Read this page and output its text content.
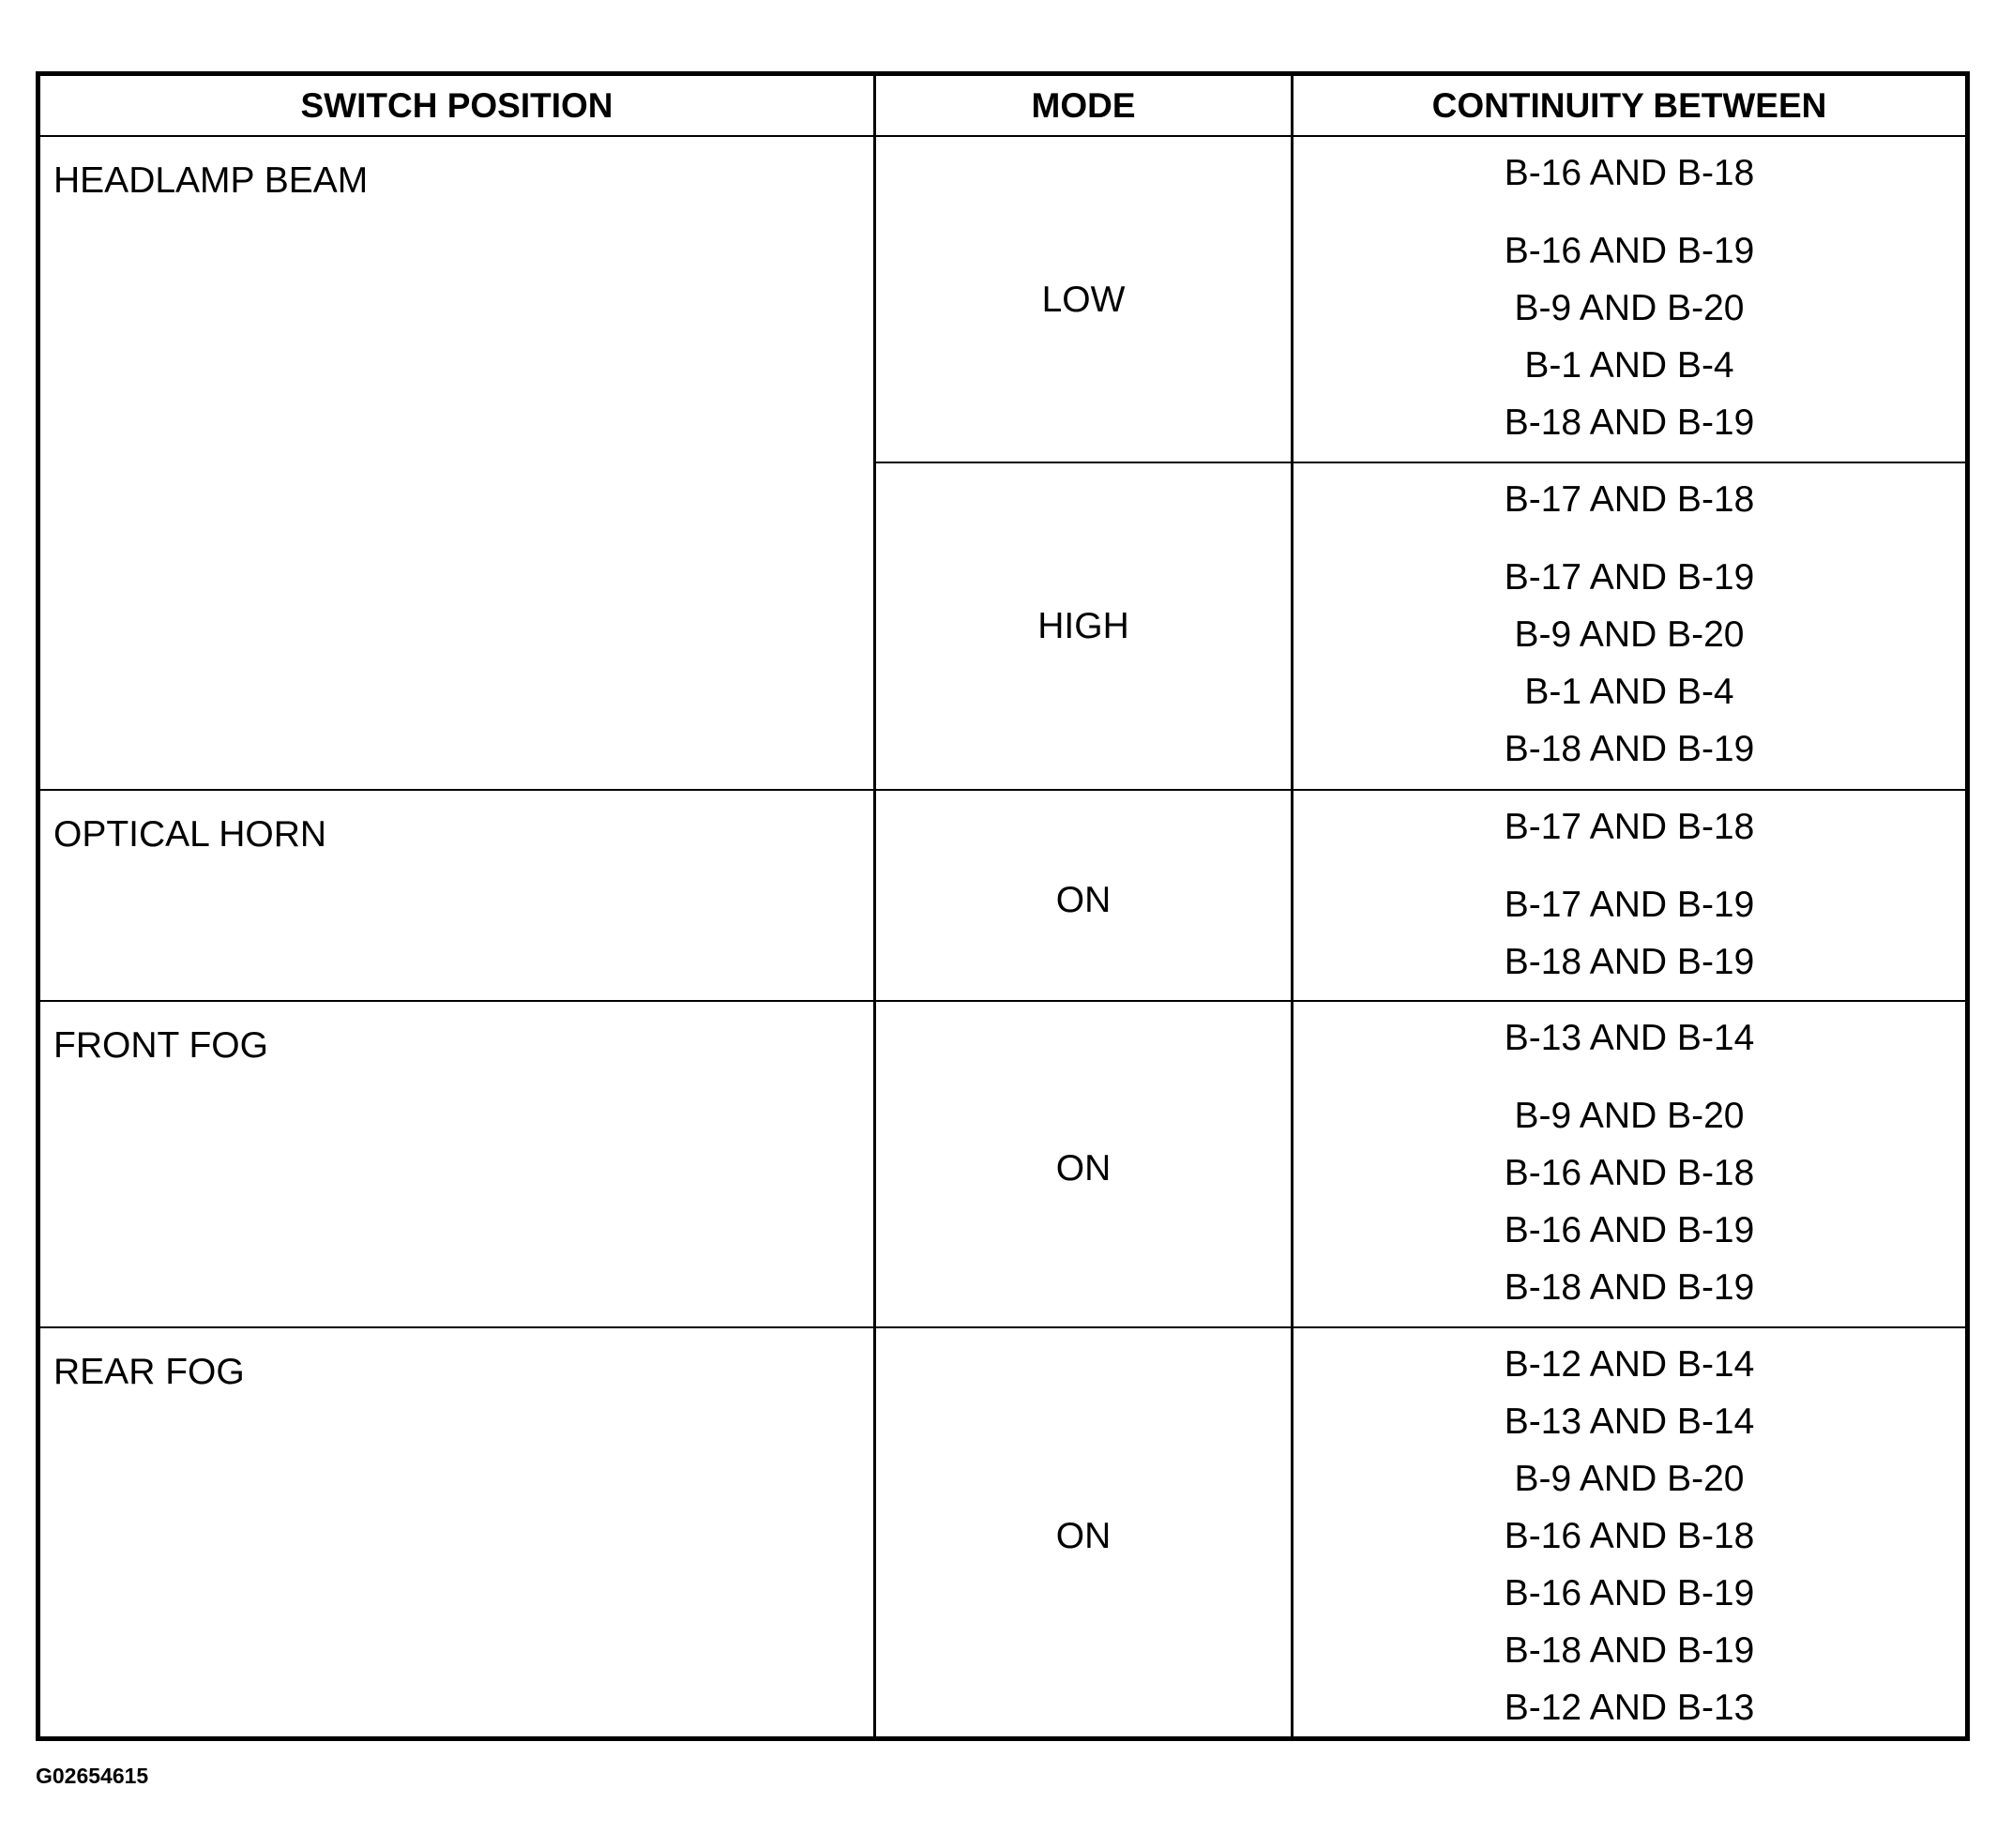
SWITCH POSITION	MODE	CONTINUITY BETWEEN
HEADLAMP BEAM
LOW
B-16 AND B-18
B-16 AND B-19
B-9 AND B-20
B-1 AND B-4
B-18 AND B-19
HIGH
B-17 AND B-18
B-17 AND B-19
B-9 AND B-20
B-1 AND B-4
B-18 AND B-19
OPTICAL HORN
ON
B-17 AND B-18
B-17 AND B-19
B-18 AND B-19
FRONT FOG
ON
B-13 AND B-14
B-9 AND B-20
B-16 AND B-18
B-16 AND B-19
B-18 AND B-19
REAR FOG
ON
B-12 AND B-14
B-13 AND B-14
B-9 AND B-20
B-16 AND B-18
B-16 AND B-19
B-18 AND B-19
B-12 AND B-13
G02654615
